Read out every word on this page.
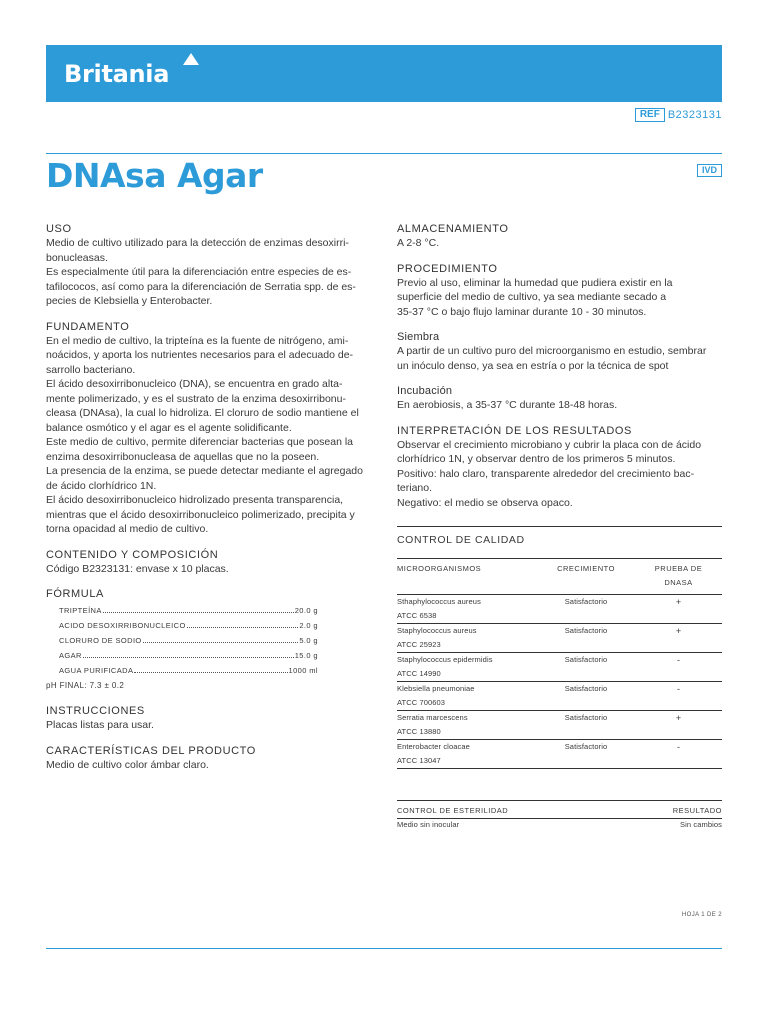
Britania
REF B2323131
DNAsa Agar	IVD
USO
Medio de cultivo utilizado para la detección de enzimas desoxirri-
bonucleasas.
Es especialmente útil para la diferenciación entre especies de es-
tafilococos, así como para la diferenciación de Serratia spp. de es-
pecies de Klebsiella y Enterobacter.
FUNDAMENTO
En el medio de cultivo, la tripteína es la fuente de nitrógeno, ami-
noácidos, y aporta los nutrientes necesarios para el adecuado de-
sarrollo bacteriano.
El ácido desoxirribonucleico (DNA), se encuentra en grado alta-
mente polimerizado, y es el sustrato de la enzima desoxirribonu-
cleasa (DNAsa), la cual lo hidroliza. El cloruro de sodio mantiene el
balance osmótico y el agar es el agente solidificante.
Este medio de cultivo, permite diferenciar bacterias que posean la
enzima desoxirribonucleasa de aquellas que no la poseen.
La presencia de la enzima, se puede detectar mediante el agregado
de ácido clorhídrico 1N.
El ácido desoxirribonucleico hidrolizado presenta transparencia,
mientras que el ácido desoxirribonucleico polimerizado, precipita y
torna opacidad al medio de cultivo.
CONTENIDO Y COMPOSICIÓN
Código B2323131: envase x 10 placas.
FÓRMULA
TRIPTEÍNA	20.0 g
ACIDO DESOXIRRIBONUCLEICO	2.0 g
CLORURO DE SODIO	5.0 g
AGAR	15.0 g
AGUA PURIFICADA	1000 ml
pH FINAL: 7.3 ± 0.2
INSTRUCCIONES
Placas listas para usar.
CARACTERÍSTICAS DEL PRODUCTO
Medio de cultivo color ámbar claro.
ALMACENAMIENTO
A 2-8 °C.
PROCEDIMIENTO
Previo al uso, eliminar la humedad que pudiera existir en la
superficie del medio de cultivo, ya sea mediante secado a
35-37 °C o bajo flujo laminar durante 10 - 30 minutos.
Siembra
A partir de un cultivo puro del microorganismo en estudio, sembrar
un inóculo denso, ya sea en estría o por la técnica de spot
Incubación
En aerobiosis, a 35-37 °C durante 18-48 horas.
INTERPRETACIÓN DE LOS RESULTADOS
Observar el crecimiento microbiano y cubrir la placa con de ácido
clorhídrico 1N, y observar dentro de los primeros 5 minutos.
Positivo: halo claro, transparente alrededor del crecimiento bac-
teriano.
Negativo: el medio se observa opaco.
CONTROL DE CALIDAD
MICROORGANISMOS	CRECIMIENTO	PRUEBA DE
DNASA
Sthaphylococcus aureus
ATCC 6538
Satisfactorio	+
Staphylococcus aureus
ATCC 25923
Satisfactorio	+
Staphylococcus epidermidis
ATCC 14990
Satisfactorio	-
Klebsiella pneumoniae
ATCC 700603
Satisfactorio	-
Serratia marcescens
ATCC 13880
Satisfactorio	+
Enterobacter cloacae
ATCC 13047
Satisfactorio	-
CONTROL DE ESTERILIDAD	RESULTADO
Medio sin inocular	Sin cambios
HOJA 1 DE 2
